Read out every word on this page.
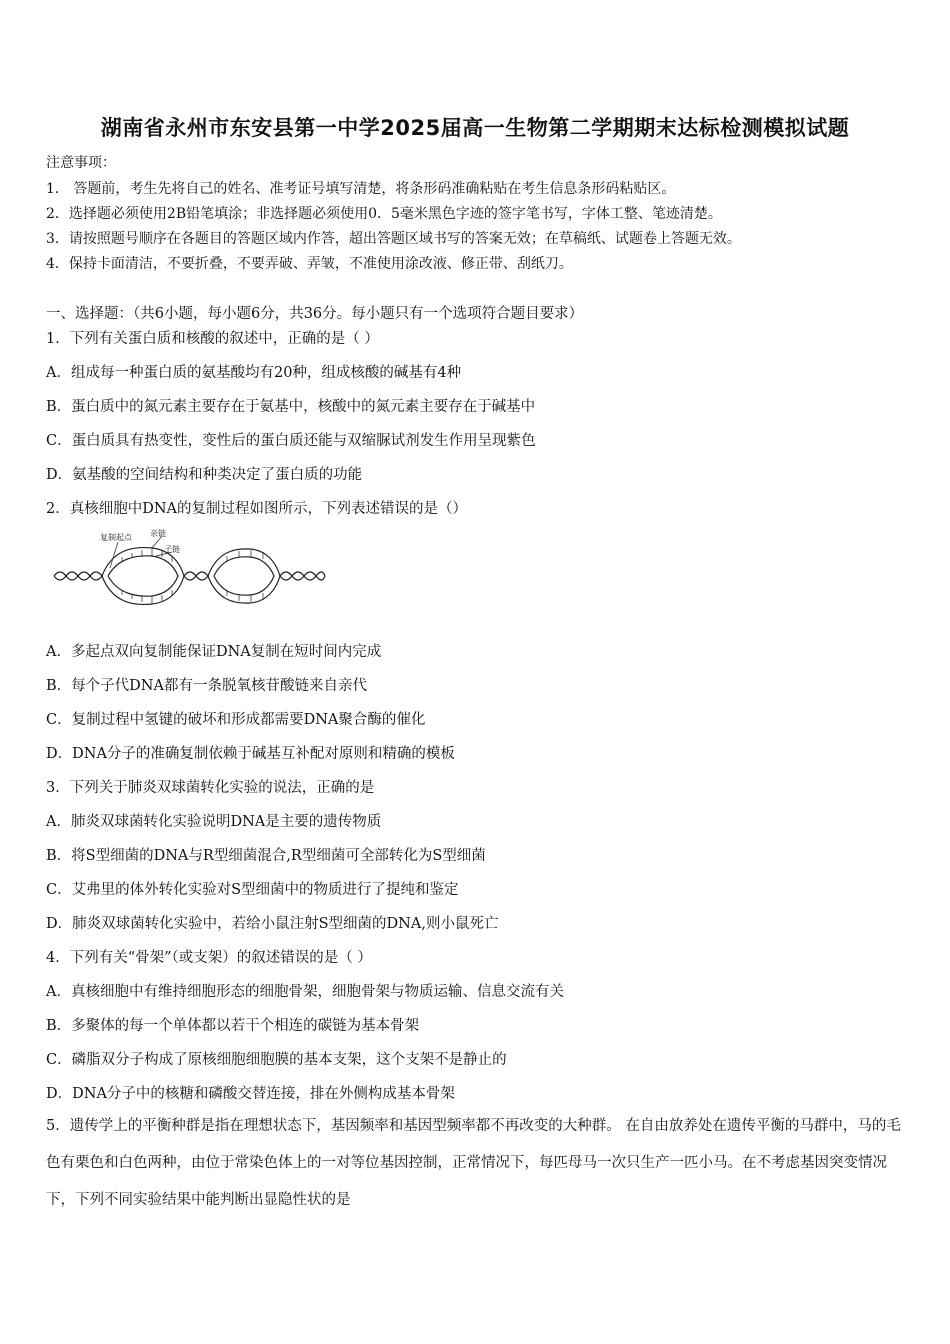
湖南省永州市东安县第一中学2025届高一生物第二学期期末达标检测模拟试题
注意事项：
1． 答题前，考生先将自己的姓名、准考证号填写清楚，将条形码准确粘贴在考生信息条形码粘贴区。
2．选择题必须使用2B铅笔填涂；非选择题必须使用0．5毫米黑色字迹的签字笔书写，字体工整、笔迹清楚。
3．请按照题号顺序在各题目的答题区域内作答，超出答题区域书写的答案无效；在草稿纸、试题卷上答题无效。
4．保持卡面清洁，不要折叠，不要弄破、弄皱，不准使用涂改液、修正带、刮纸刀。
一、选择题：（共6小题，每小题6分，共36分。每小题只有一个选项符合题目要求）
1．下列有关蛋白质和核酸的叙述中，正确的是（ ）
A．组成每一种蛋白质的氨基酸均有20种，组成核酸的碱基有4种
B．蛋白质中的氮元素主要存在于氨基中，核酸中的氮元素主要存在于碱基中
C．蛋白质具有热变性，变性后的蛋白质还能与双缩脲试剂发生作用呈现紫色
D．氨基酸的空间结构和种类决定了蛋白质的功能
2．真核细胞中DNA的复制过程如图所示，下列表述错误的是（）
复制起点 亲链
子链
A．多起点双向复制能保证DNA复制在短时间内完成
B．每个子代DNA都有一条脱氧核苷酸链来自亲代
C．复制过程中氢键的破坏和形成都需要DNA聚合酶的催化
D．DNA分子的准确复制依赖于碱基互补配对原则和精确的模板
3．下列关于肺炎双球菌转化实验的说法，正确的是
A．肺炎双球菌转化实验说明DNA是主要的遗传物质
B．将S型细菌的DNA与R型细菌混合,R型细菌可全部转化为S型细菌
C．艾弗里的体外转化实验对S型细菌中的物质进行了提纯和鉴定
D．肺炎双球菌转化实验中，若给小鼠注射S型细菌的DNA,则小鼠死亡
4．下列有关“骨架”（或支架）的叙述错误的是（ ）
A．真核细胞中有维持细胞形态的细胞骨架，细胞骨架与物质运输、信息交流有关
B．多聚体的每一个单体都以若干个相连的碳链为基本骨架
C．磷脂双分子构成了原核细胞细胞膜的基本支架，这个支架不是静止的
D．DNA分子中的核糖和磷酸交替连接，排在外侧构成基本骨架
5．遗传学上的平衡种群是指在理想状态下，基因频率和基因型频率都不再改变的大种群。 在自由放养处在遗传平衡的马群中，马的毛色有栗色和白色两种，由位于常染色体上的一对等位基因控制，正常情况下，每匹母马一次只生产一匹小马。在不考虑基因突变情况 下，下列不同实验结果中能判断出显隐性状的是
